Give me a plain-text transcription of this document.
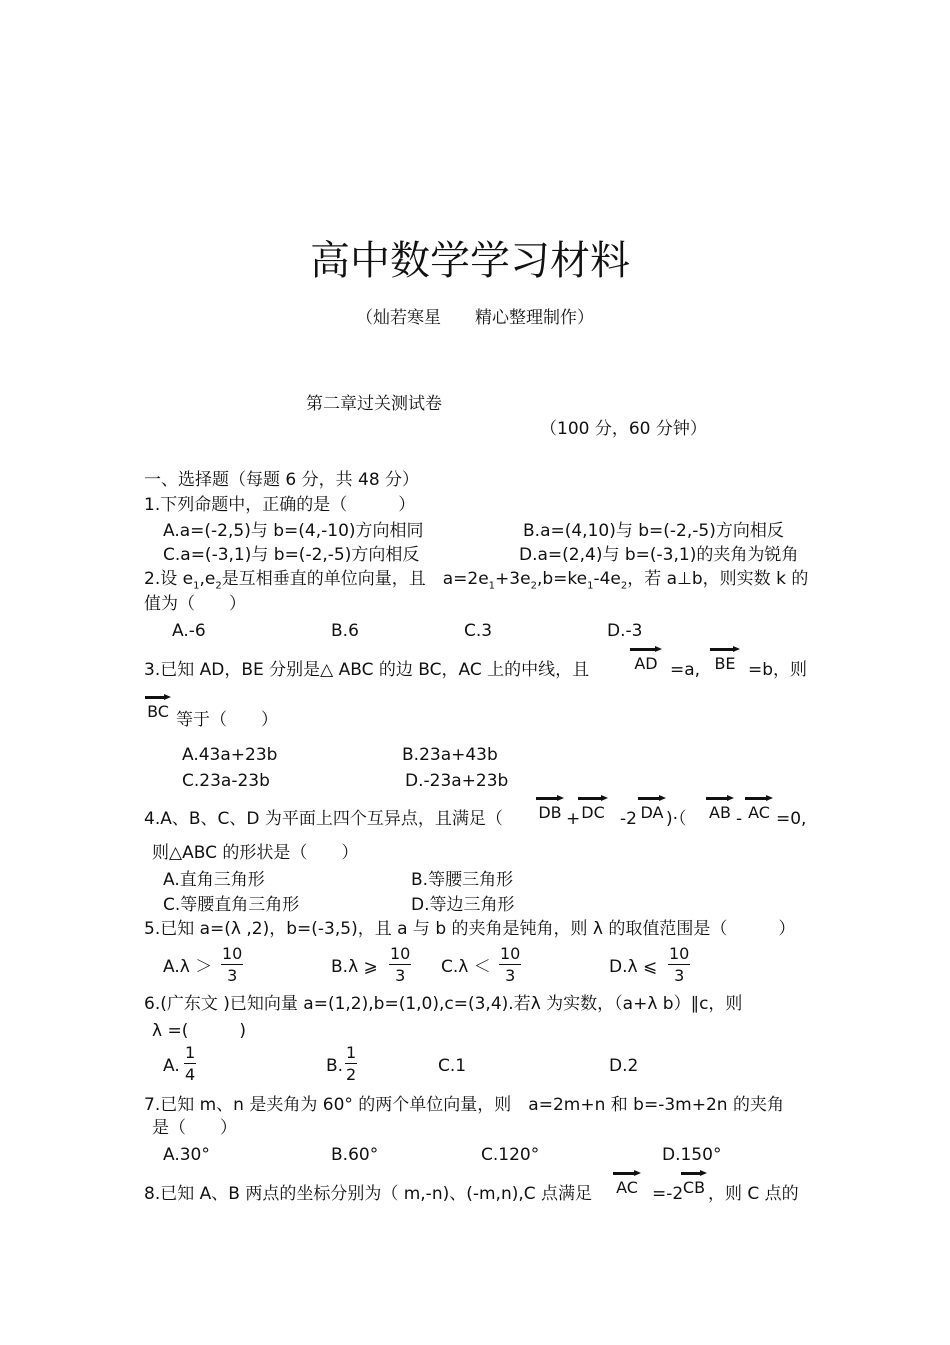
高中数学学习材料
（灿若寒星　　精心整理制作）
第二章过关测试卷
（100 分，60 分钟）
一、选择题（每题 6 分，共 48 分）
1.下列命题中，正确的是（　　　）
A.a=(-2,5)与 b=(4,-10)方向相同	B.a=(4,10)与 b=(-2,-5)方向相反
C.a=(-3,1)与 b=(-2,-5)方向相反	D.a=(2,4)与 b=(-3,1)的夹角为锐角
2.设 $e_1,e_2$是互相垂直的单位向量，且　$a=2e_1+3e_2,b=ke_1-4e_2$，若 a⊥b，则实数 k 的
值为（　　）
A.-6	B.6	C.3	D.-3
3.已知 AD，BE 分别是△ ABC 的边 BC，AC 上的中线，且	AD =a, BE =b，则
BC 等于（　　）
A.43a+23b	B.23a+43b
C.23a-23b	D.-23a+23b
4.A、B、C、D 为平面上四个互异点，且满足（ DB + DC -2 DA )·（ AB - AC =0,
则△ABC 的形状是（　　）
A.直角三角形	B.等腰三角形
C.等腰直角三角形	D.等边三角形
5.已知 a=(λ ,2)，b=(-3,5)，且 a 与 b 的夹角是钝角，则 λ 的取值范围是（　　　）
$A.\lambda > \frac{10}{3}$	B.λ ⩾ $\frac{10}{3} C.\lambda < \frac{10}{3}$	D.λ ⩽ $\frac{10}{3}$
6.(广东文 )已知向量 a=(1,2),b=(1,0),c=(3,4).若λ 为实数，（a+λ b）∥c，则
λ =(　　　)
A. $\frac{1}{4}$	B. $\frac{1}{2}$	C.1	D.2
7.已知 m、n 是夹角为 60° 的两个单位向量，则　a=2m+n 和 b=-3m+2n 的夹角
是（　　）
A.30°	B.60°	C.120°	D.150°
8.已知 A、B 两点的坐标分别为（ m,-n)、(-m,n),C 点满足 AC =-2 CB ，则 C 点的
